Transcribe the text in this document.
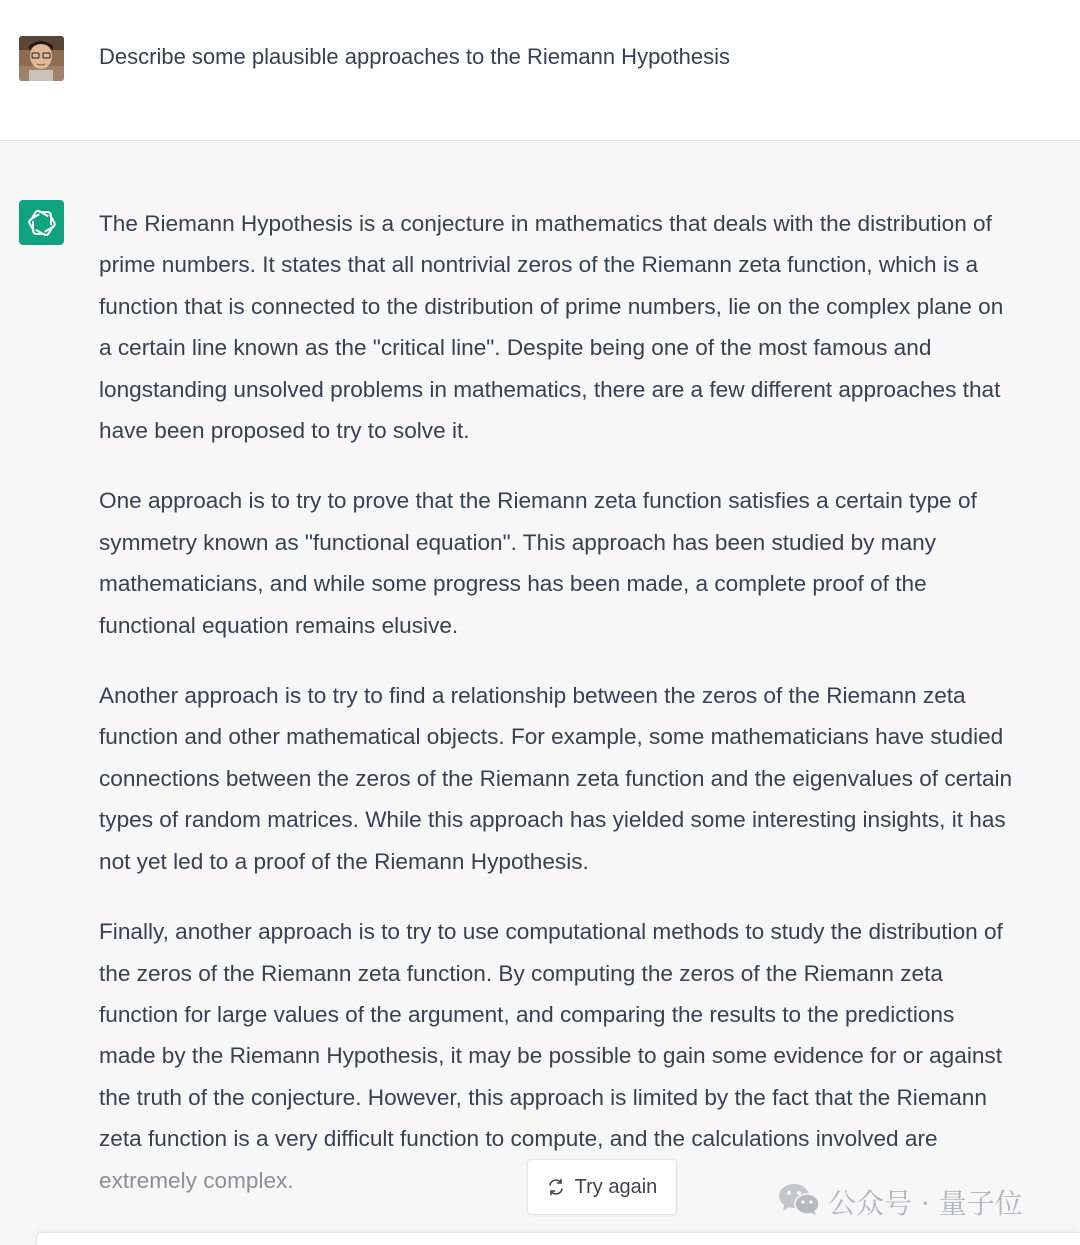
Describe some plausible approaches to the Riemann Hypothesis
The Riemann Hypothesis is a conjecture in mathematics that deals with the distribution of
prime numbers. It states that all nontrivial zeros of the Riemann zeta function, which is a
function that is connected to the distribution of prime numbers, lie on the complex plane on
a certain line known as the "critical line". Despite being one of the most famous and
longstanding unsolved problems in mathematics, there are a few different approaches that
have been proposed to try to solve it.
One approach is to try to prove that the Riemann zeta function satisfies a certain type of
symmetry known as "functional equation". This approach has been studied by many
mathematicians, and while some progress has been made, a complete proof of the
functional equation remains elusive.
Another approach is to try to find a relationship between the zeros of the Riemann zeta
function and other mathematical objects. For example, some mathematicians have studied
connections between the zeros of the Riemann zeta function and the eigenvalues of certain
types of random matrices. While this approach has yielded some interesting insights, it has
not yet led to a proof of the Riemann Hypothesis.
Finally, another approach is to try to use computational methods to study the distribution of
the zeros of the Riemann zeta function. By computing the zeros of the Riemann zeta
function for large values of the argument, and comparing the results to the predictions
made by the Riemann Hypothesis, it may be possible to gain some evidence for or against
the truth of the conjecture. However, this approach is limited by the fact that the Riemann
zeta function is a very difficult function to compute, and the calculations involved are
extremely complex.	Try again
公众号 · 量子位
